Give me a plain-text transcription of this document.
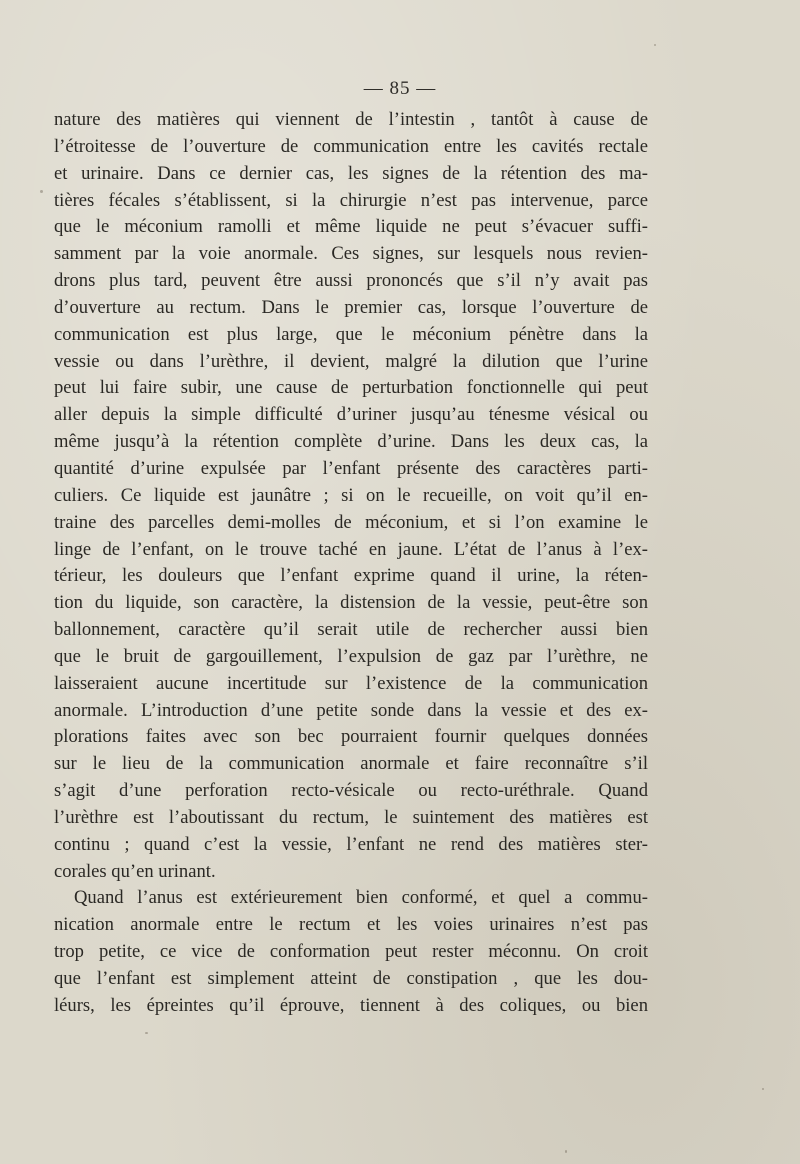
— 85 —
nature des matières qui viennent de l’intestin , tantôt à cause de
l’étroitesse de l’ouverture de communication entre les cavités rectale
et urinaire. Dans ce dernier cas, les signes de la rétention des ma-
tières fécales s’établissent, si la chirurgie n’est pas intervenue, parce
que le méconium ramolli et même liquide ne peut s’évacuer suffi-
samment par la voie anormale. Ces signes, sur lesquels nous revien-
drons plus tard, peuvent être aussi prononcés que s’il n’y avait pas
d’ouverture au rectum. Dans le premier cas, lorsque l’ouverture de
communication est plus large, que le méconium pénètre dans la
vessie ou dans l’urèthre, il devient, malgré la dilution que l’urine
peut lui faire subir, une cause de perturbation fonctionnelle qui peut
aller depuis la simple difficulté d’uriner jusqu’au ténesme vésical ou
même jusqu’à la rétention complète d’urine. Dans les deux cas, la
quantité d’urine expulsée par l’enfant présente des caractères parti-
culiers. Ce liquide est jaunâtre ; si on le recueille, on voit qu’il en-
traine des parcelles demi-molles de méconium, et si l’on examine le
linge de l’enfant, on le trouve taché en jaune. L’état de l’anus à l’ex-
térieur, les douleurs que l’enfant exprime quand il urine, la réten-
tion du liquide, son caractère, la distension de la vessie, peut-être son
ballonnement, caractère qu’il serait utile de rechercher aussi bien
que le bruit de gargouillement, l’expulsion de gaz par l’urèthre, ne
laisseraient aucune incertitude sur l’existence de la communication
anormale. L’introduction d’une petite sonde dans la vessie et des ex-
plorations faites avec son bec pourraient fournir quelques données
sur le lieu de la communication anormale et faire reconnaître s’il
s’agit d’une perforation recto-vésicale ou recto-uréthrale. Quand
l’urèthre est l’aboutissant du rectum, le suintement des matières est
continu ; quand c’est la vessie, l’enfant ne rend des matières ster-
corales qu’en urinant.
Quand l’anus est extérieurement bien conformé, et quel a commu-
nication anormale entre le rectum et les voies urinaires n’est pas
trop petite, ce vice de conformation peut rester méconnu. On croit
que l’enfant est simplement atteint de constipation , que les dou-
léurs, les épreintes qu’il éprouve, tiennent à des coliques, ou bien
